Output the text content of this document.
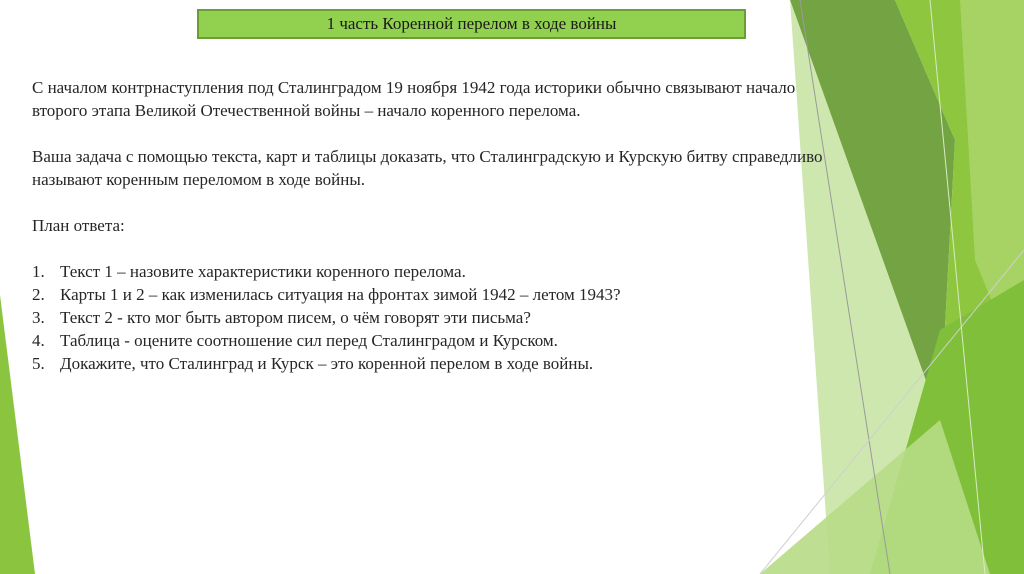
1 часть Коренной перелом в ходе войны

С началом контрнаступления под Сталинградом 19 ноября 1942 года историки обычно связывают начало

второго этапа Великой Отечественной войны – начало коренного перелома.

Ваша задача с помощью текста, карт и таблицы доказать, что Сталинградскую и Курскую битву справедливо

называют коренным переломом в ходе войны.

План ответа:

1. Текст 1 – назовите характеристики коренного перелома.
2. Карты 1 и 2 – как изменилась ситуация на фронтах зимой 1942 – летом 1943?
3. Текст 2 - кто мог быть автором писем, о чём говорят эти письма?
4. Таблица - оцените соотношение сил перед Сталинградом и Курском.
5. Докажите, что Сталинград и Курск – это коренной перелом в ходе войны.
